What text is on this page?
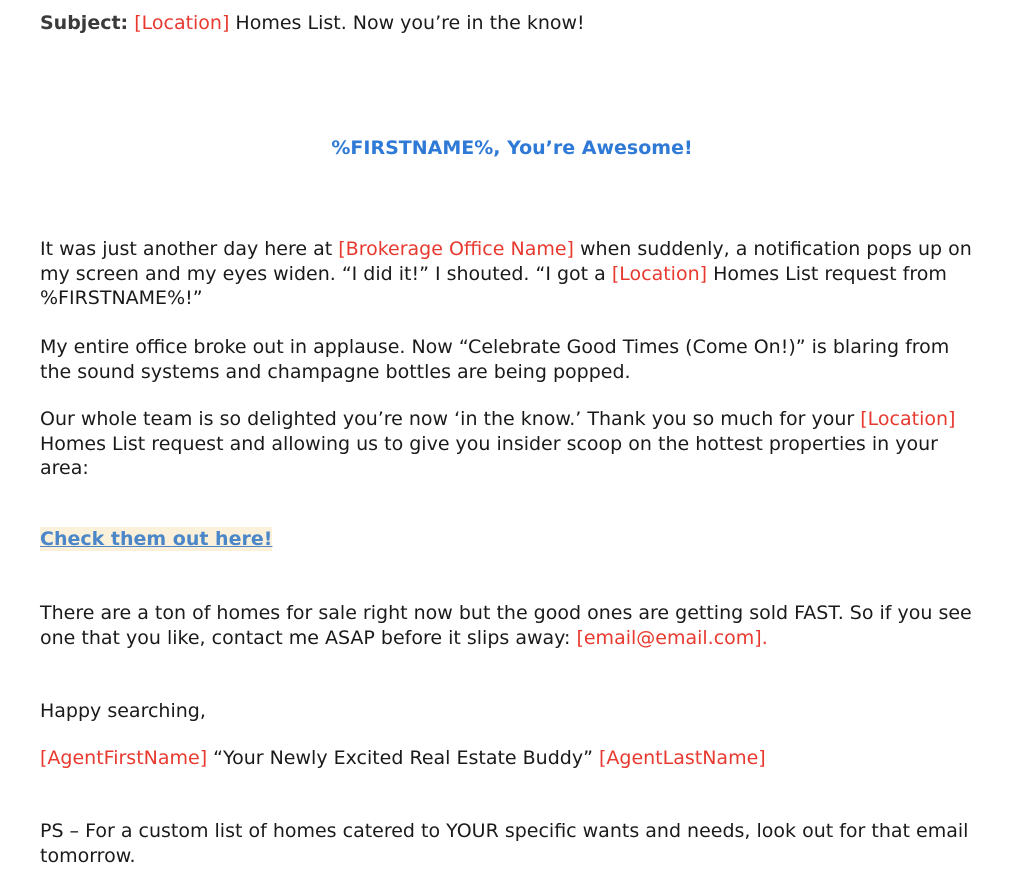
Subject: [Location] Homes List. Now you’re in the know!

%FIRSTNAME%, You’re Awesome!

It was just another day here at [Brokerage Office Name] when suddenly, a notification pops up on my screen and my eyes widen. “I did it!” I shouted. “I got a [Location] Homes List request from %FIRSTNAME%!”

My entire office broke out in applause. Now “Celebrate Good Times (Come On!)” is blaring from the sound systems and champagne bottles are being popped.

Our whole team is so delighted you’re now ‘in the know.’ Thank you so much for your [Location] Homes List request and allowing us to give you insider scoop on the hottest properties in your area:

Check them out here!

There are a ton of homes for sale right now but the good ones are getting sold FAST. So if you see one that you like, contact me ASAP before it slips away: [email@email.com].

Happy searching,

[AgentFirstName] “Your Newly Excited Real Estate Buddy” [AgentLastName]

PS – For a custom list of homes catered to YOUR specific wants and needs, look out for that email tomorrow.
